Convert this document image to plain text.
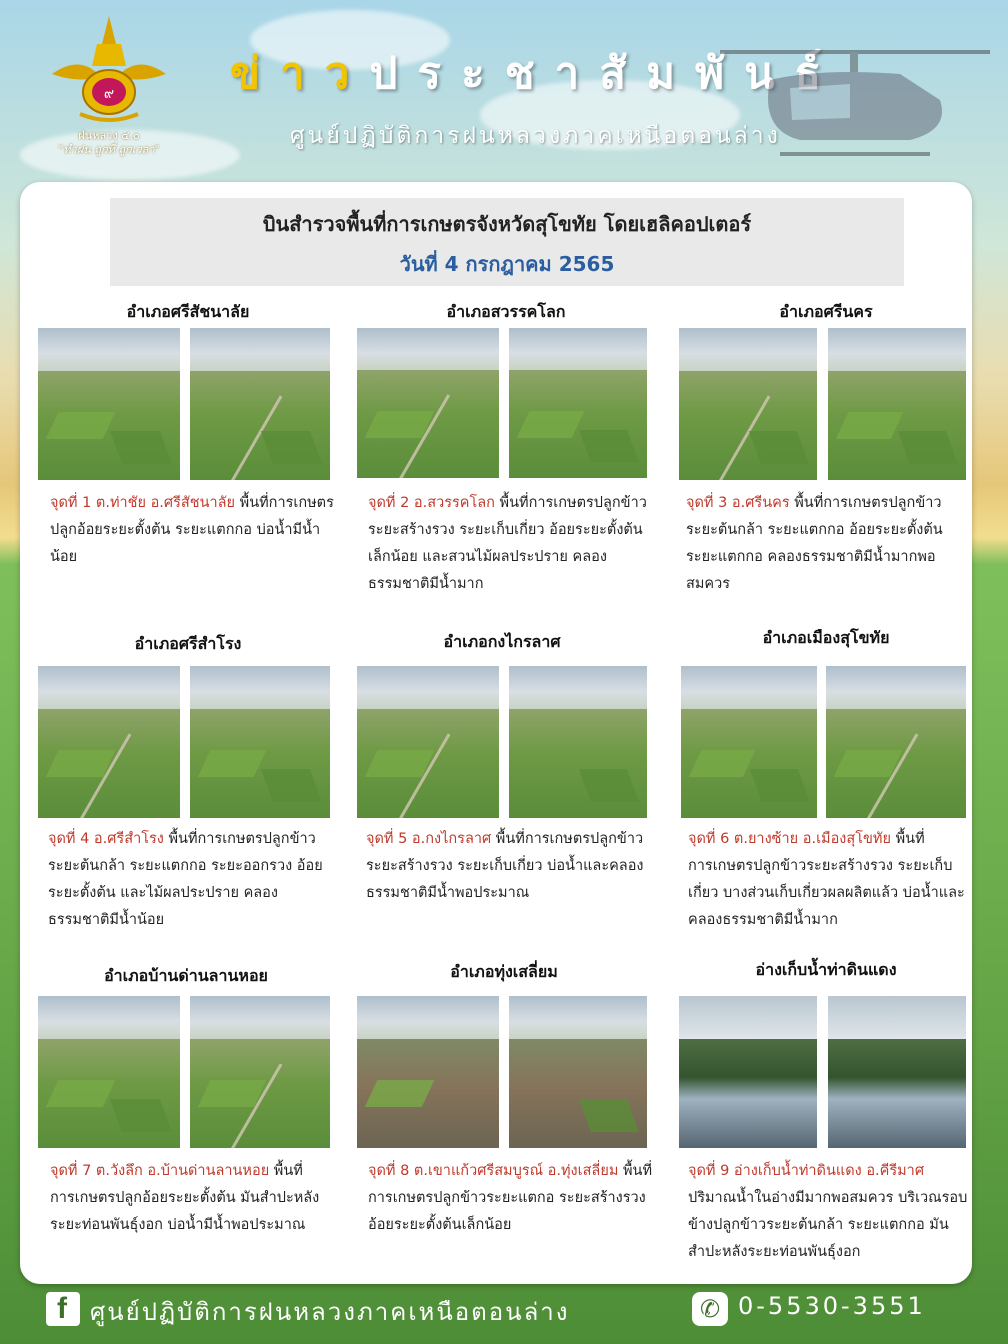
๙
ฝนหลวง ๔.๐
"ทำฝน ถูกที่ ถูกเวลา"
ข่าวประชาสัมพันธ์
ศูนย์ปฏิบัติการฝนหลวงภาคเหนือตอนล่าง
บินสำรวจพื้นที่การเกษตรจังหวัดสุโขทัย โดยเฮลิคอปเตอร์
วันที่ 4 กรกฎาคม 2565
อำเภอศรีสัชนาลัย
จุดที่ 1 ต.ท่าชัย อ.ศรีสัชนาลัย พื้นที่การเกษตรปลูกอ้อยระยะตั้งต้น ระยะแตกกอ บ่อน้ำมีน้ำน้อย
อำเภอสวรรคโลก
จุดที่ 2 อ.สวรรคโลก พื้นที่การเกษตรปลูกข้าวระยะสร้างรวง ระยะเก็บเกี่ยว อ้อยระยะตั้งต้นเล็กน้อย และสวนไม้ผลประปราย คลองธรรมชาติมีน้ำมาก
อำเภอศรีนคร
จุดที่ 3 อ.ศรีนคร พื้นที่การเกษตรปลูกข้าวระยะต้นกล้า ระยะแตกกอ อ้อยระยะตั้งต้น ระยะแตกกอ คลองธรรมชาติมีน้ำมากพอสมควร
อำเภอศรีสำโรง
จุดที่ 4 อ.ศรีสำโรง พื้นที่การเกษตรปลูกข้าวระยะต้นกล้า ระยะแตกกอ ระยะออกรวง อ้อยระยะตั้งต้น และไม้ผลประปราย คลองธรรมชาติมีน้ำน้อย
อำเภอกงไกรลาศ
จุดที่ 5 อ.กงไกรลาศ พื้นที่การเกษตรปลูกข้าวระยะสร้างรวง ระยะเก็บเกี่ยว บ่อน้ำและคลองธรรมชาติมีน้ำพอประมาณ
อำเภอเมืองสุโขทัย
จุดที่ 6 ต.ยางซ้าย อ.เมืองสุโขทัย พื้นที่การเกษตรปลูกข้าวระยะสร้างรวง ระยะเก็บเกี่ยว บางส่วนเก็บเกี่ยวผลผลิตแล้ว บ่อน้ำและคลองธรรมชาติมีน้ำมาก
อำเภอบ้านด่านลานหอย
จุดที่ 7 ต.วังลึก อ.บ้านด่านลานหอย พื้นที่การเกษตรปลูกอ้อยระยะตั้งต้น มันสำปะหลังระยะท่อนพันธุ์งอก บ่อน้ำมีน้ำพอประมาณ
อำเภอทุ่งเสลี่ยม
จุดที่ 8 ต.เขาแก้วศรีสมบูรณ์ อ.ทุ่งเสลี่ยม พื้นที่การเกษตรปลูกข้าวระยะแตกอ ระยะสร้างรวง อ้อยระยะตั้งต้นเล็กน้อย
อ่างเก็บน้ำท่าดินแดง
จุดที่ 9 อ่างเก็บน้ำท่าดินแดง อ.คีรีมาศ ปริมาณน้ำในอ่างมีมากพอสมควร บริเวณรอบข้างปลูกข้าวระยะต้นกล้า ระยะแตกกอ มันสำปะหลังระยะท่อนพันธุ์งอก
f ศูนย์ปฏิบัติการฝนหลวงภาคเหนือตอนล่าง	✆ 0-5530-3551
